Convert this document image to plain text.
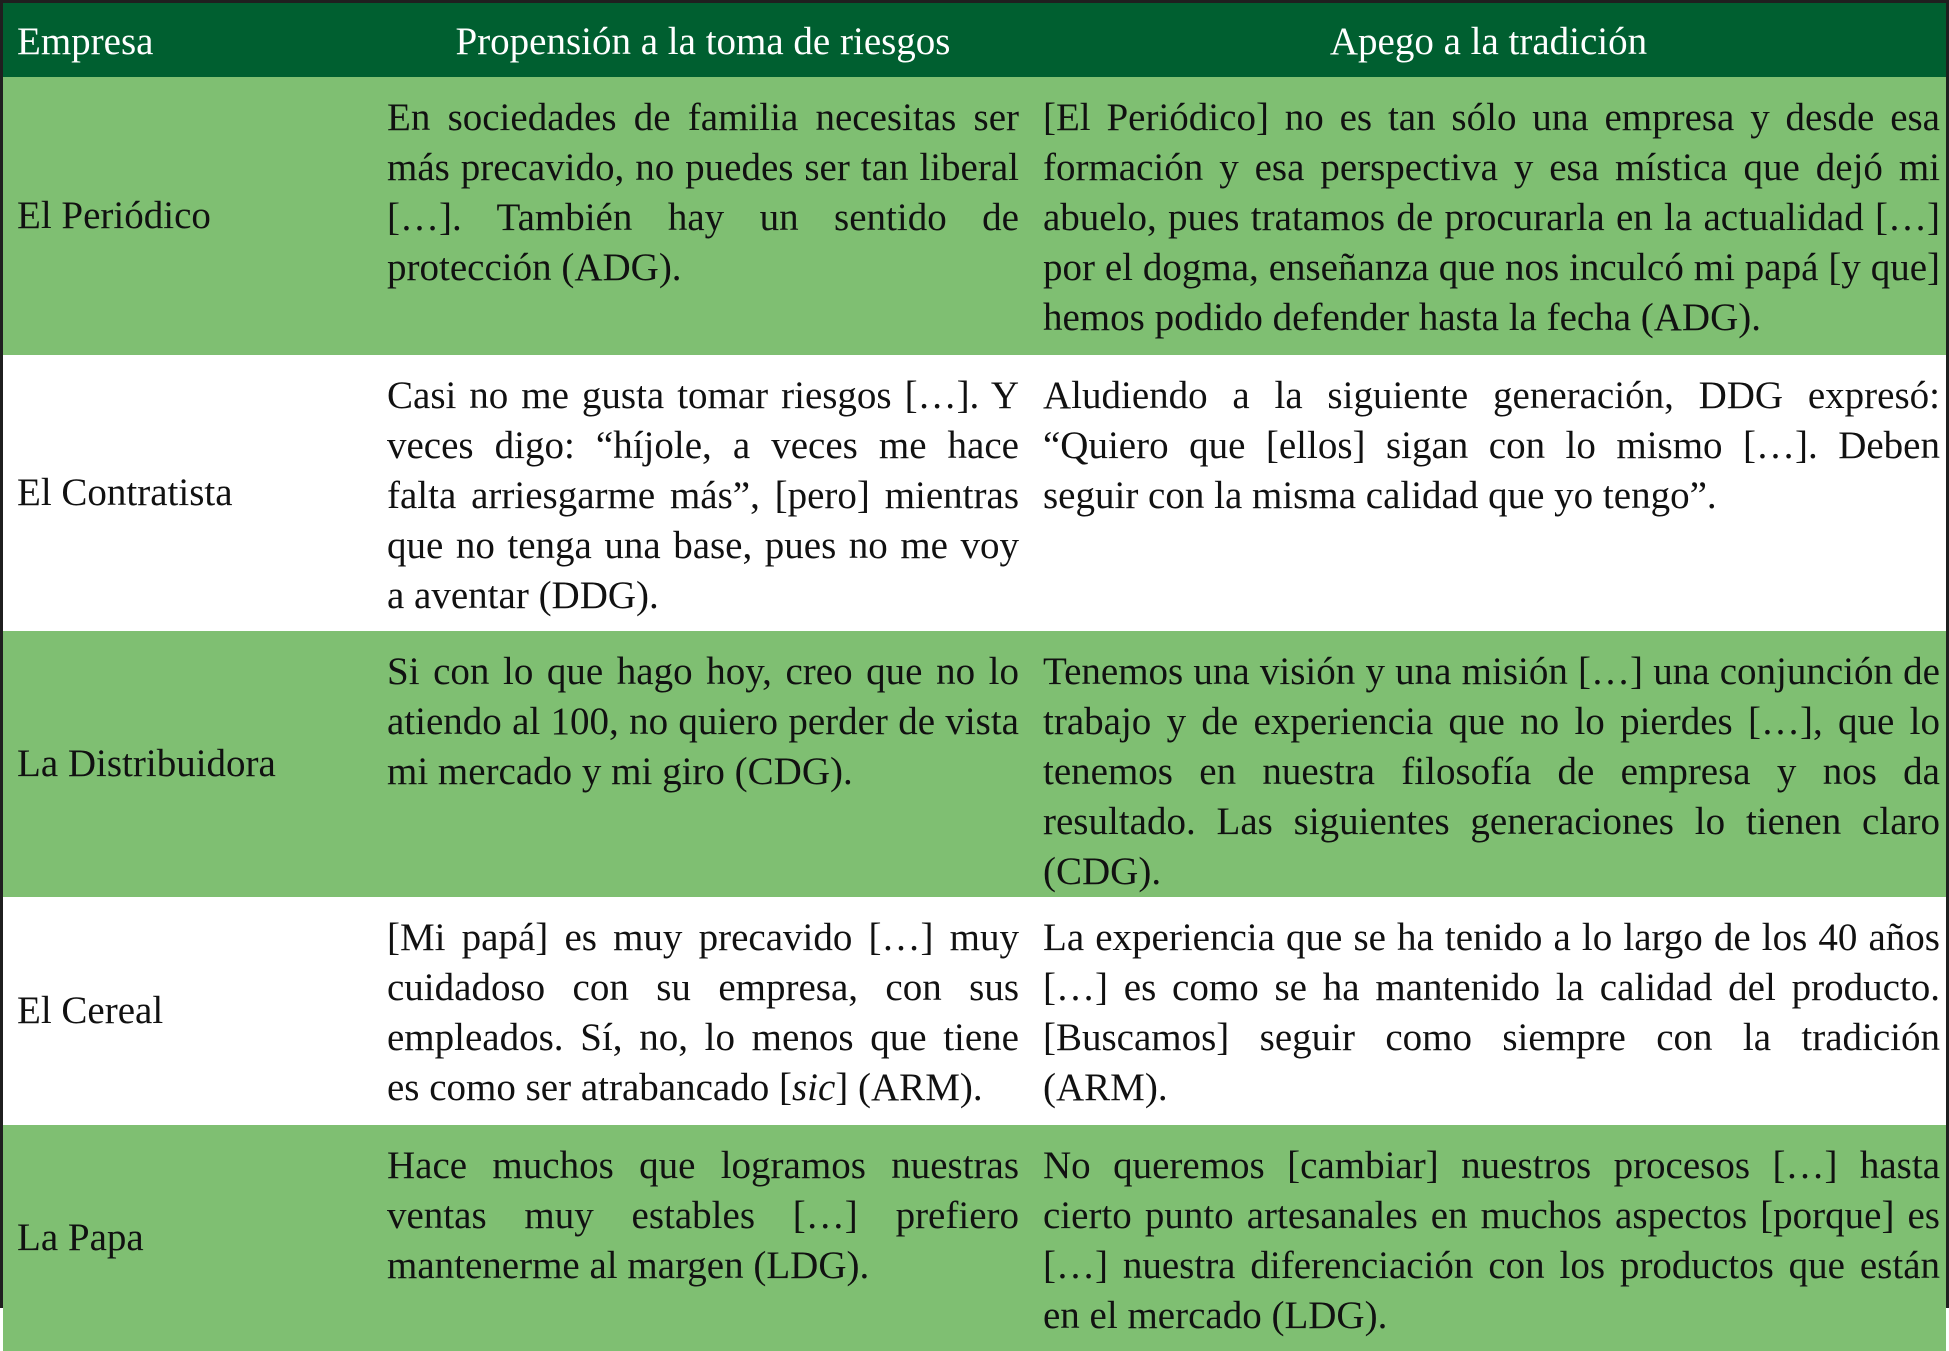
Empresa	Propensión a la toma de riesgos	Apego a la tradición
El Periódico	En sociedades de familia necesitas ser más precavido, no puedes ser tan liberal […]. También hay un sentido de protección (ADG).	[El Periódico] no es tan sólo una empresa y desde esa formación y esa perspectiva y esa mística que dejó mi abuelo, pues tratamos de procurarla en la actualidad […] por el dogma, enseñanza que nos inculcó mi papá [y que] hemos podido defender hasta la fecha (ADG).
El Contratista	Casi no me gusta tomar riesgos […]. Y veces digo: “híjole, a veces me hace falta arriesgarme más”, [pero] mientras que no tenga una base, pues no me voy a aventar (DDG).	Aludiendo a la siguiente generación, DDG expresó: “Quiero que [ellos] sigan con lo mismo […]. Deben seguir con la misma calidad que yo tengo”.
La Distribuidora	Si con lo que hago hoy, creo que no lo atiendo al 100, no quiero perder de vista mi mercado y mi giro (CDG).	Tenemos una visión y una misión […] una conjunción de trabajo y de experiencia que no lo pierdes […], que lo tenemos en nuestra filosofía de empresa y nos da resultado. Las siguientes generaciones lo tienen claro (CDG).
El Cereal	[Mi papá] es muy precavido […] muy cuidadoso con su empresa, con sus empleados. Sí, no, lo menos que tiene es como ser atrabancado [sic] (ARM).	La experiencia que se ha tenido a lo largo de los 40 años […] es como se ha mantenido la calidad del producto. [Buscamos] seguir como siempre con la tradición (ARM).
La Papa	Hace muchos que logramos nuestras ventas muy estables […] prefiero mantenerme al margen (LDG).	No queremos [cambiar] nuestros procesos […] hasta cierto punto artesanales en muchos aspectos [porque] es […] nuestra diferenciación con los productos que están en el mercado (LDG).
